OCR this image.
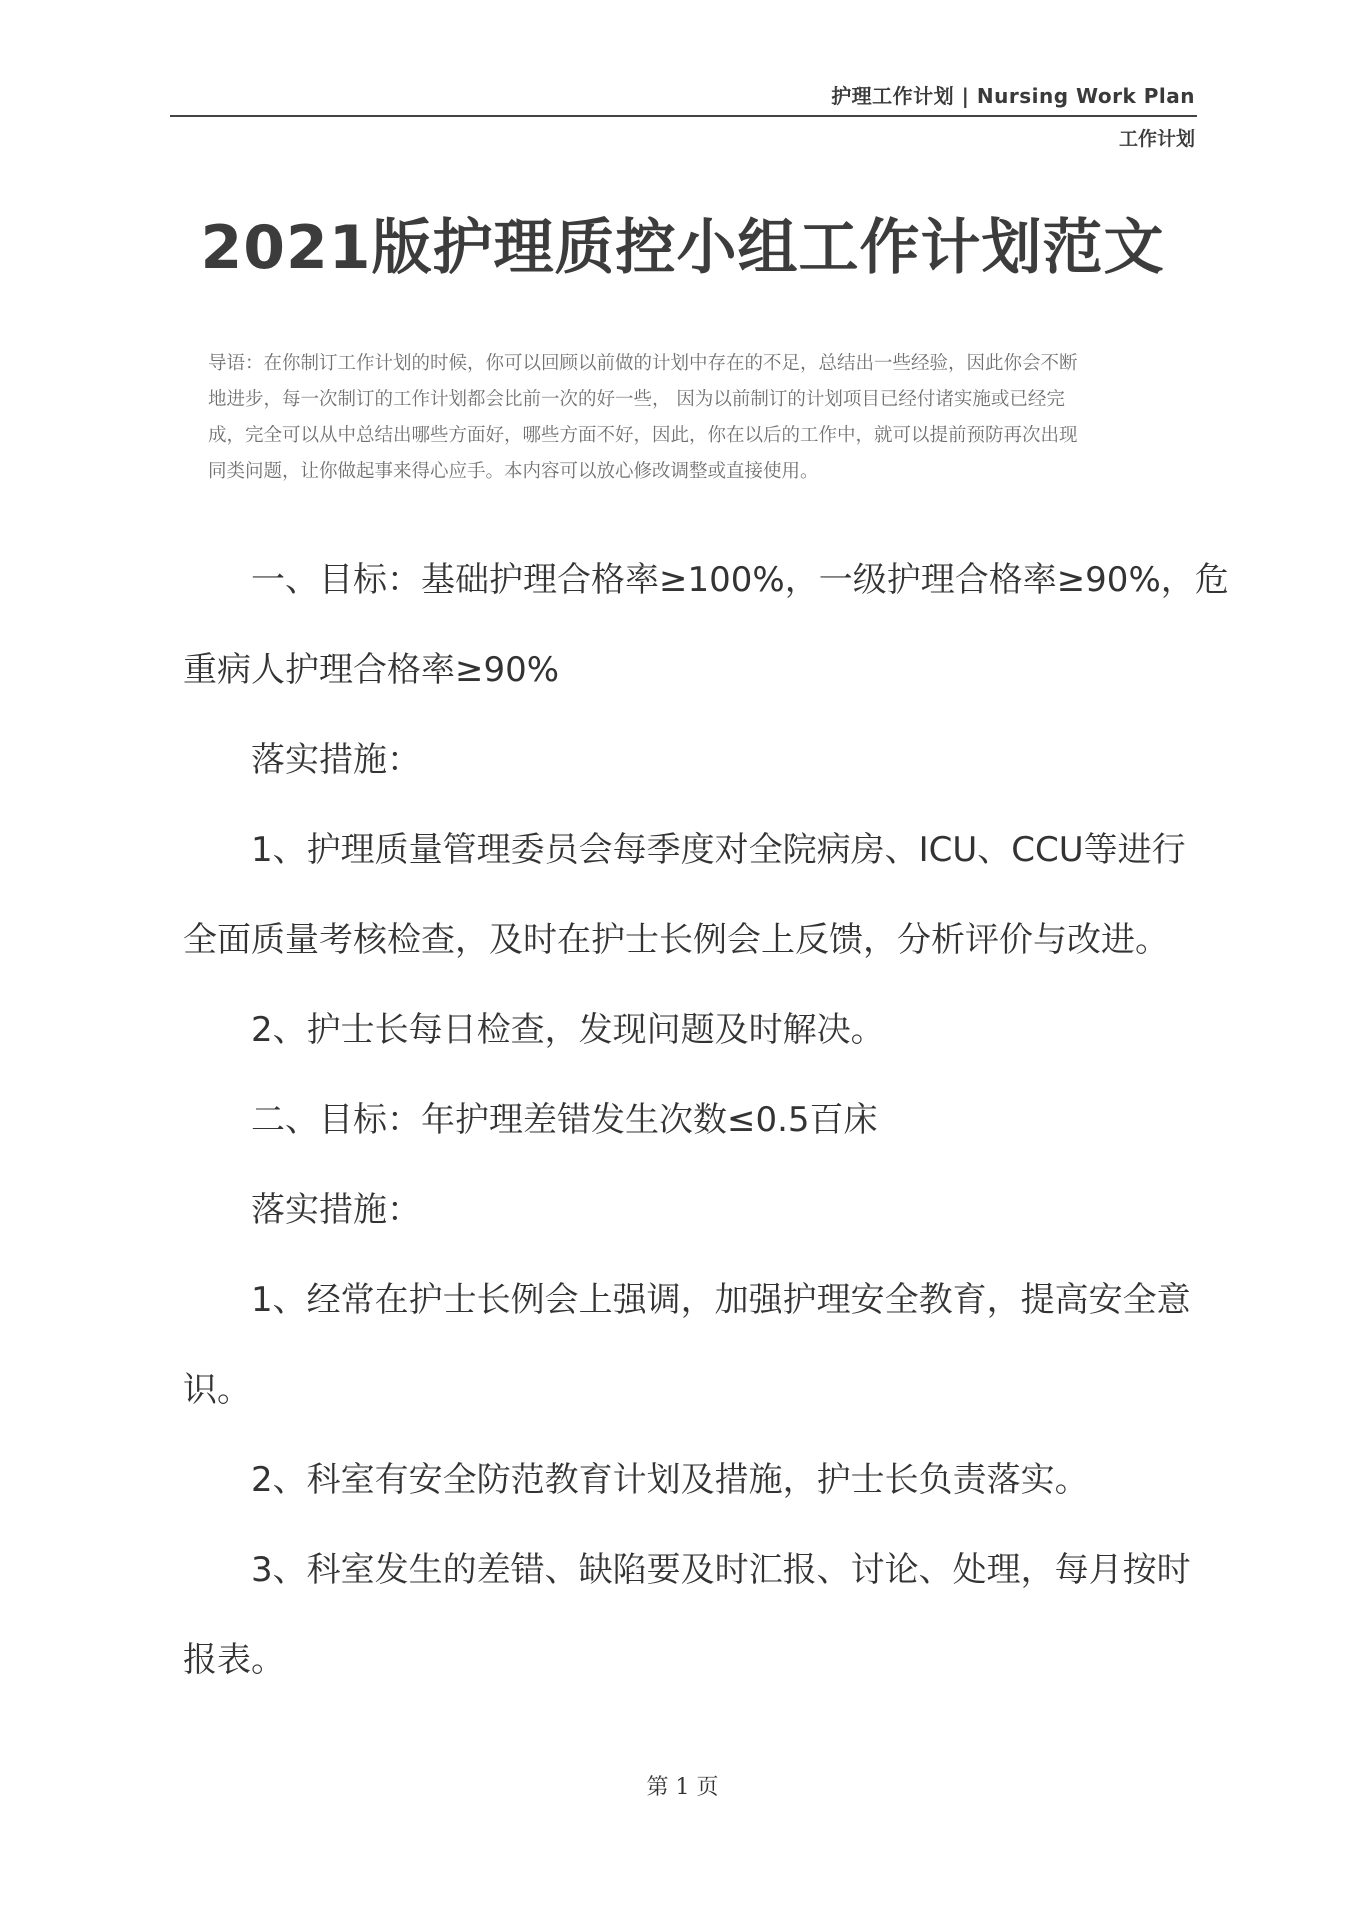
护理工作计划 | Nursing Work Plan
工作计划
2021版护理质控小组工作计划范文

导语：在你制订工作计划的时候，你可以回顾以前做的计划中存在的不足，总结出一些经验，因此你会不断

地进步，每一次制订的工作计划都会比前一次的好一些， 因为以前制订的计划项目已经付诸实施或已经完

成，完全可以从中总结出哪些方面好，哪些方面不好，因此，你在以后的工作中，就可以提前预防再次出现

同类问题，让你做起事来得心应手。本内容可以放心修改调整或直接使用。

一、目标：基础护理合格率≥100%，一级护理合格率≥90%，危

重病人护理合格率≥90%

落实措施：

1、护理质量管理委员会每季度对全院病房、ICU、CCU等进行

全面质量考核检查，及时在护士长例会上反馈，分析评价与改进。

2、护士长每日检查，发现问题及时解决。

二、目标：年护理差错发生次数≤0.5百床

落实措施：

1、经常在护士长例会上强调，加强护理安全教育，提高安全意

识。

2、科室有安全防范教育计划及措施，护士长负责落实。

3、科室发生的差错、缺陷要及时汇报、讨论、处理，每月按时

报表。

第 1 页
